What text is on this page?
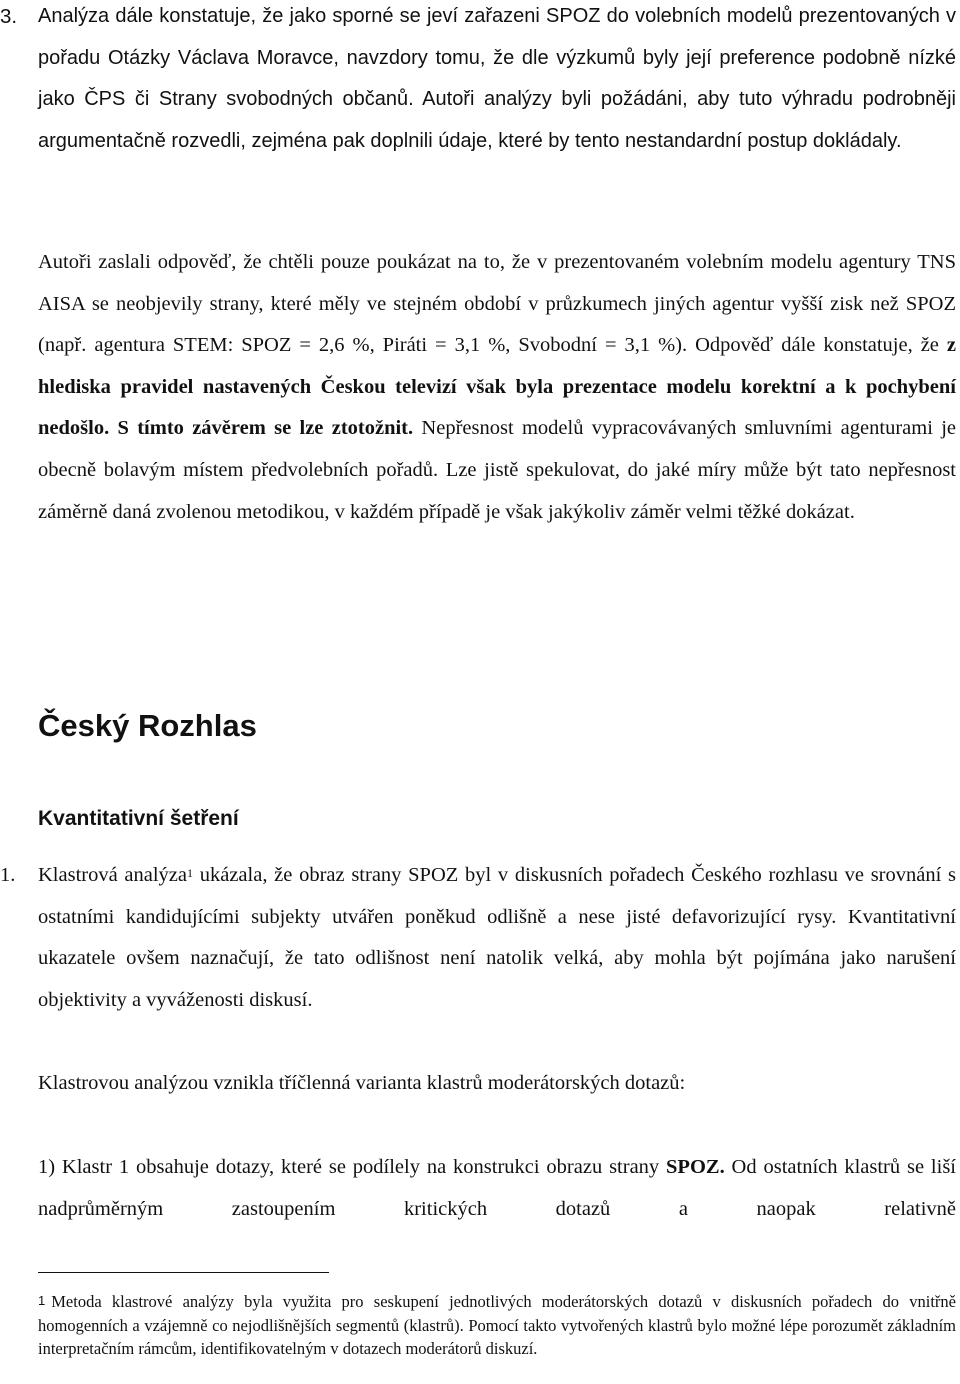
3. Analýza dále konstatuje, že jako sporné se jeví zařazeni SPOZ do volebních modelů prezentovaných v pořadu Otázky Václava Moravce, navzdory tomu, že dle výzkumů byly její preference podobně nízké jako ČPS či Strany svobodných občanů. Autoři analýzy byli požádáni, aby tuto výhradu podrobněji argumentačně rozvedli, zejména pak doplnili údaje, které by tento nestandardní postup dokládaly.
Autoři zaslali odpověď, že chtěli pouze poukázat na to, že v prezentovaném volebním modelu agentury TNS AISA se neobjevily strany, které měly ve stejném období v průzkumech jiných agentur vyšší zisk než SPOZ (např. agentura STEM: SPOZ = 2,6 %, Piráti = 3,1 %, Svobodní = 3,1 %). Odpověď dále konstatuje, že z hlediska pravidel nastavených Českou televizí však byla prezentace modelu korektní a k pochybení nedošlo. S tímto závěrem se lze ztotožnit. Nepřesnost modelů vypracovávaných smluvními agenturami je obecně bolavým místem předvolebních pořadů. Lze jistě spekulovat, do jaké míry může být tato nepřesnost záměrně daná zvolenou metodikou, v každém případě je však jakýkoliv záměr velmi těžké dokázat.
Český Rozhlas
Kvantitativní šetření
1. Klastrová analýza$^1$ ukázala, že obraz strany SPOZ byl v diskusních pořadech Českého rozhlasu ve srovnání s ostatními kandidujícími subjekty utvářen poněkud odlišně a nese jisté defavorizující rysy. Kvantitativní ukazatele ovšem naznačují, že tato odlišnost není natolik velká, aby mohla být pojímána jako narušení objektivity a vyváženosti diskusí.
Klastrovou analýzou vznikla tříčlenná varianta klastrů moderátorských dotazů:
1) Klastr 1 obsahuje dotazy, které se podílely na konstrukci obrazu strany SPOZ. Od ostatních klastrů se liší nadprůměrným zastoupením kritických dotazů a naopak relativně
$^1$ Metoda klastrové analýzy byla využita pro seskupení jednotlivých moderátorských dotazů v diskusních pořadech do vnitřně homogenních a vzájemně co nejodlišnějších segmentů (klastrů). Pomocí takto vytvořených klastrů bylo možné lépe porozumět základním interpretačním rámcům, identifikovatelným v dotazech moderátorů diskuzí.
